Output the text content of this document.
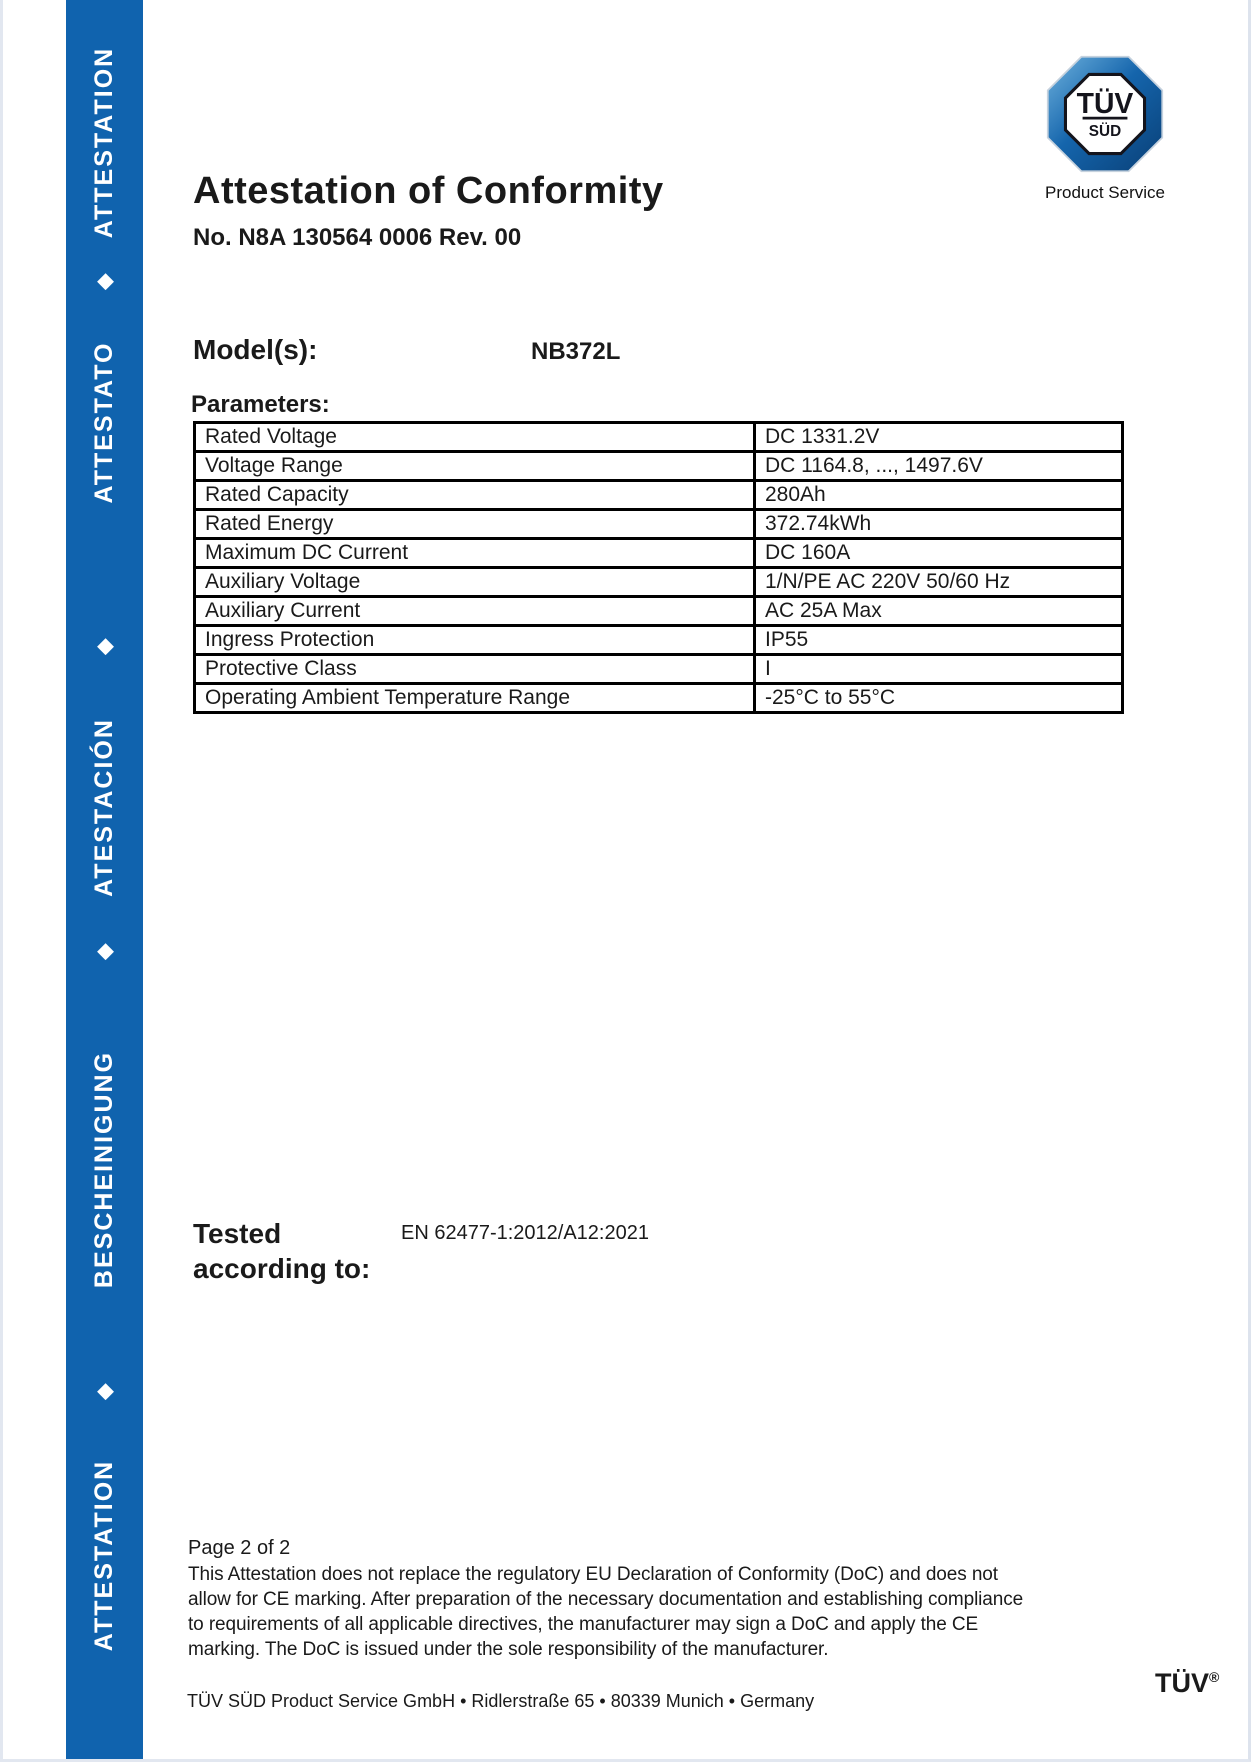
ATTESTATION
◆
ATTESTATO
◆
ATESTACIÓN
◆
BESCHEINIGUNG
◆
ATTESTATION
TÜV
SÜD
Product Service
Attestation of Conformity
No. N8A 130564 0006 Rev. 00
Model(s):	NB372L
Parameters:
Rated Voltage	DC 1331.2V
Voltage Range	DC 1164.8, ..., 1497.6V
Rated Capacity	280Ah
Rated Energy	372.74kWh
Maximum DC Current	DC 160A
Auxiliary Voltage	1/N/PE AC 220V 50/60 Hz
Auxiliary Current	AC 25A Max
Ingress Protection	IP55
Protective Class	I
Operating Ambient Temperature Range	-25°C to 55°C
Tested according to:
EN 62477-1:2012/A12:2021
Page 2 of 2
This Attestation does not replace the regulatory EU Declaration of Conformity (DoC) and does not
allow for CE marking. After preparation of the necessary documentation and establishing compliance
to requirements of all applicable directives, the manufacturer may sign a DoC and apply the CE
marking. The DoC is issued under the sole responsibility of the manufacturer.
TÜV SÜD Product Service GmbH • Ridlerstraße 65 • 80339 Munich • Germany
TÜV®
